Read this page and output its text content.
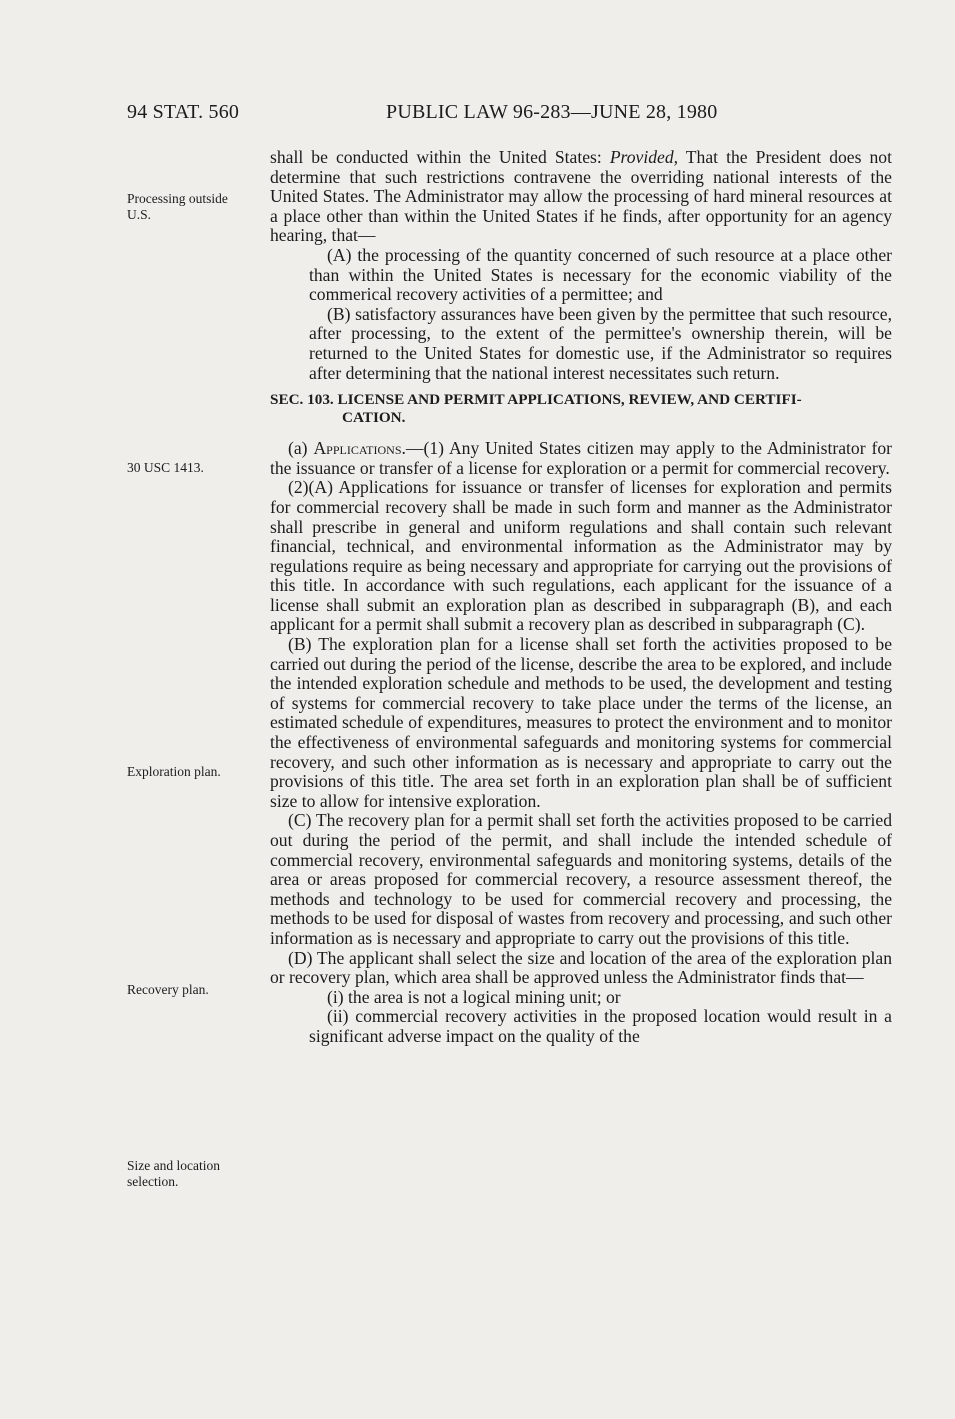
94 STAT. 560	PUBLIC LAW 96-283—JUNE 28, 1980

Processing outside U.S.

30 USC 1413.

Exploration plan.

Recovery plan.

Size and location selection.

shall be conducted within the United States: Provided, That the President does not determine that such restrictions contravene the overriding national interests of the United States. The Administrator may allow the processing of hard mineral resources at a place other than within the United States if he finds, after opportunity for an agency hearing, that—

(A) the processing of the quantity concerned of such resource at a place other than within the United States is necessary for the economic viability of the commerical recovery activities of a permittee; and

(B) satisfactory assurances have been given by the permittee that such resource, after processing, to the extent of the permittee's ownership therein, will be returned to the United States for domestic use, if the Administrator so requires after determining that the national interest necessitates such return.

SEC. 103. LICENSE AND PERMIT APPLICATIONS, REVIEW, AND CERTIFI-
CATION.

(a) Applications.—(1) Any United States citizen may apply to the Administrator for the issuance or transfer of a license for exploration or a permit for commercial recovery.

(2)(A) Applications for issuance or transfer of licenses for exploration and permits for commercial recovery shall be made in such form and manner as the Administrator shall prescribe in general and uniform regulations and shall contain such relevant financial, technical, and environmental information as the Administrator may by regulations require as being necessary and appropriate for carrying out the provisions of this title. In accordance with such regulations, each applicant for the issuance of a license shall submit an exploration plan as described in subparagraph (B), and each applicant for a permit shall submit a recovery plan as described in subparagraph (C).

(B) The exploration plan for a license shall set forth the activities proposed to be carried out during the period of the license, describe the area to be explored, and include the intended exploration schedule and methods to be used, the development and testing of systems for commercial recovery to take place under the terms of the license, an estimated schedule of expenditures, measures to protect the environment and to monitor the effectiveness of environmental safeguards and monitoring systems for commercial recovery, and such other information as is necessary and appropriate to carry out the provisions of this title. The area set forth in an exploration plan shall be of sufficient size to allow for intensive exploration.

(C) The recovery plan for a permit shall set forth the activities proposed to be carried out during the period of the permit, and shall include the intended schedule of commercial recovery, environmental safeguards and monitoring systems, details of the area or areas proposed for commercial recovery, a resource assessment thereof, the methods and technology to be used for commercial recovery and processing, the methods to be used for disposal of wastes from recovery and processing, and such other information as is necessary and appropriate to carry out the provisions of this title.

(D) The applicant shall select the size and location of the area of the exploration plan or recovery plan, which area shall be approved unless the Administrator finds that—

(i) the area is not a logical mining unit; or

(ii) commercial recovery activities in the proposed location would result in a significant adverse impact on the quality of the
